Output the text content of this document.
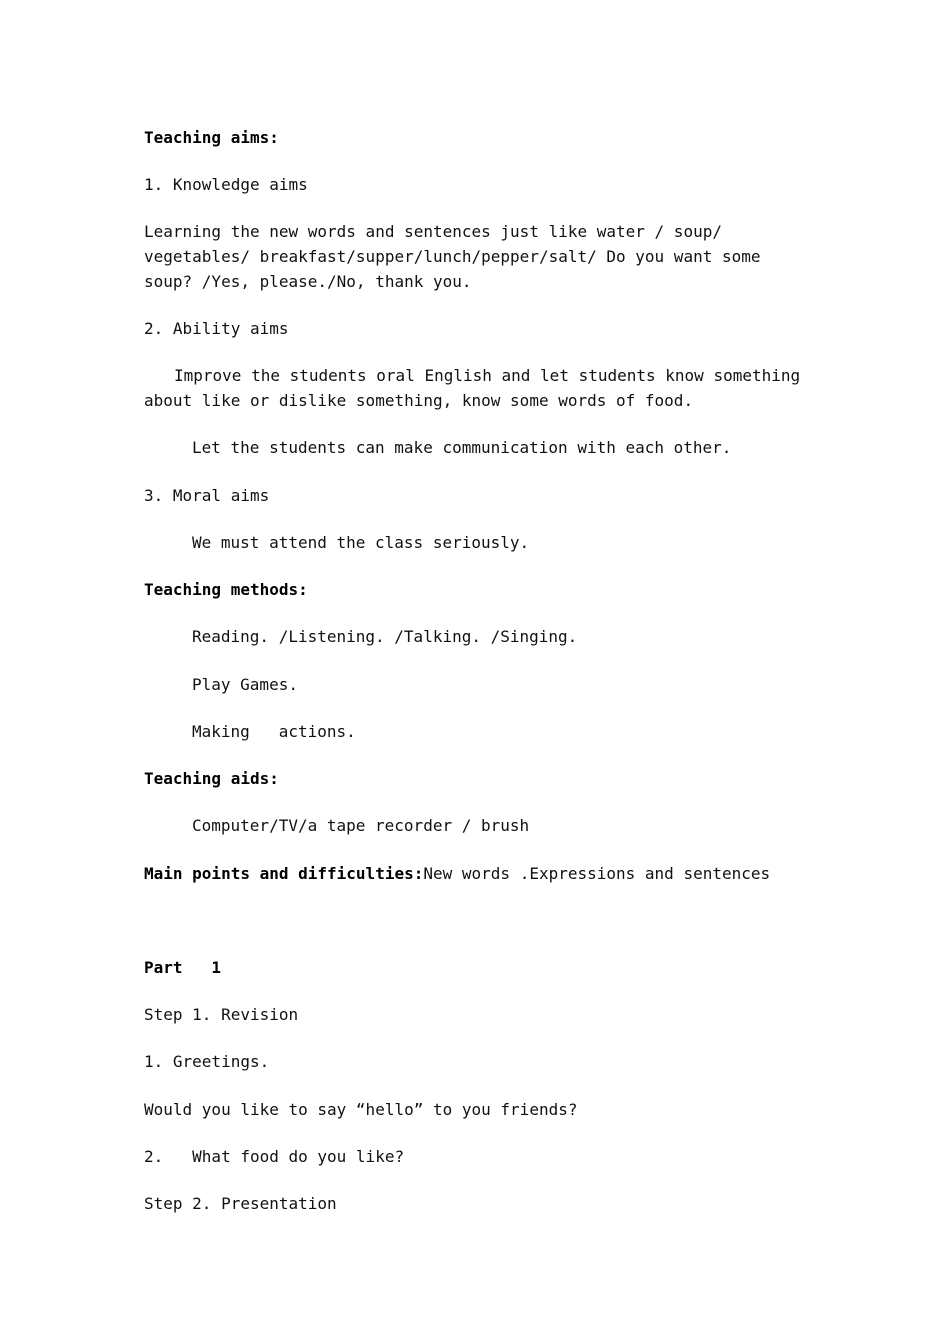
Teaching aims:

1. Knowledge aims

Learning the new words and sentences just like water / soup/ vegetables/ breakfast/supper/lunch/pepper/salt/ Do you want some soup? /Yes, please./No, thank you.

2. Ability aims

Improve the students oral English and let students know something about like or dislike something, know some words of food.

Let the students can make communication with each other.

3. Moral aims

We must attend the class seriously.

Teaching methods:

Reading. /Listening. /Talking. /Singing.

Play Games.

Making   actions.

Teaching aids:

Computer/TV/a tape recorder / brush

Main points and difficulties:New words .Expressions and sentences

Part   1

Step 1. Revision

1. Greetings.

Would you like to say “hello” to you friends?

2.   What food do you like?

Step 2. Presentation
